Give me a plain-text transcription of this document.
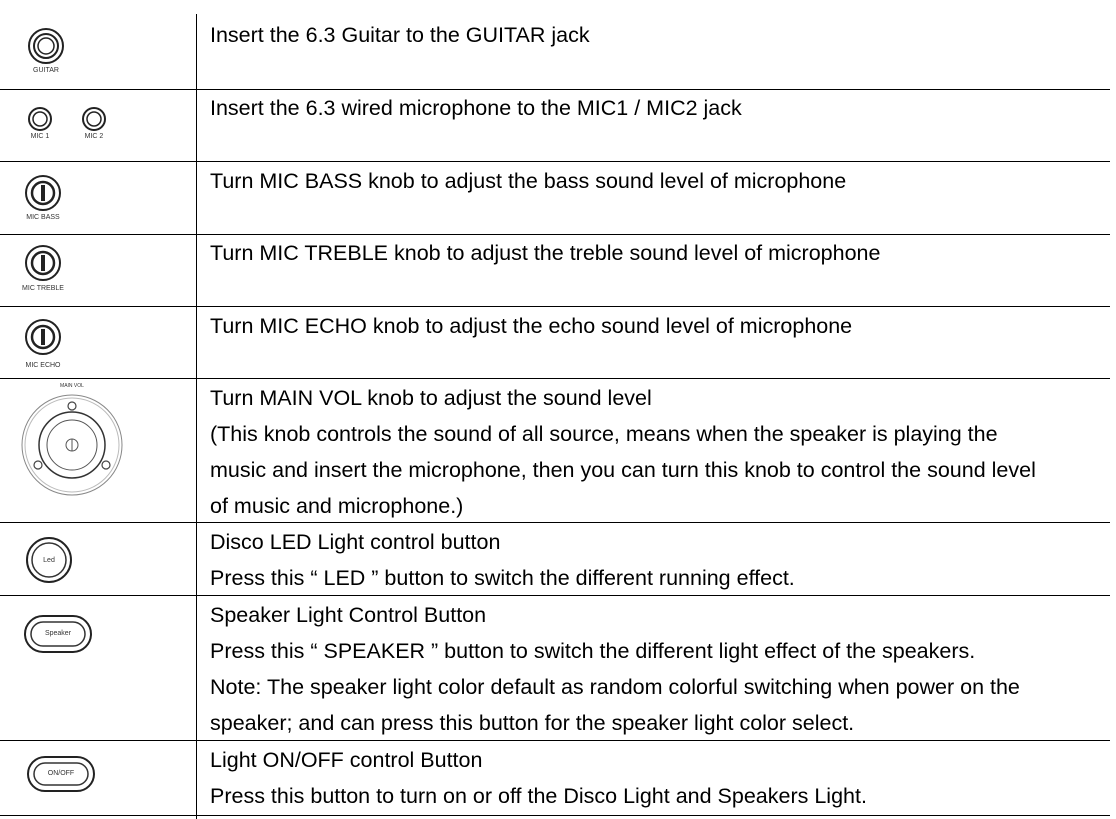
GUITAR
Insert the 6.3 Guitar to the GUITAR jack
MIC 1	MIC 2
Insert the 6.3 wired microphone to the MIC1 / MIC2 jack
MIC BASS
Turn MIC BASS knob to adjust the bass sound level of microphone
MIC TREBLE
Turn MIC TREBLE knob to adjust the treble sound level of microphone
MIC ECHO
Turn MIC ECHO knob to adjust the echo sound level of microphone
MAIN VOL	Turn MAIN VOL knob to adjust the sound level
(This knob controls the sound of all source, means when the speaker is playing the
music and insert the microphone, then you can turn this knob to control the sound level
of music and microphone.)
Led
Disco LED Light control button
Press this “ LED ” button to switch the different running effect.
Speaker
Speaker Light Control Button
Press this “ SPEAKER ” button to switch the different light effect of the speakers.
Note: The speaker light color default as random colorful switching when power on the
speaker; and can press this button for the speaker light color select.
ON/OFF
Light ON/OFF control Button
Press this button to turn on or off the Disco Light and Speakers Light.
